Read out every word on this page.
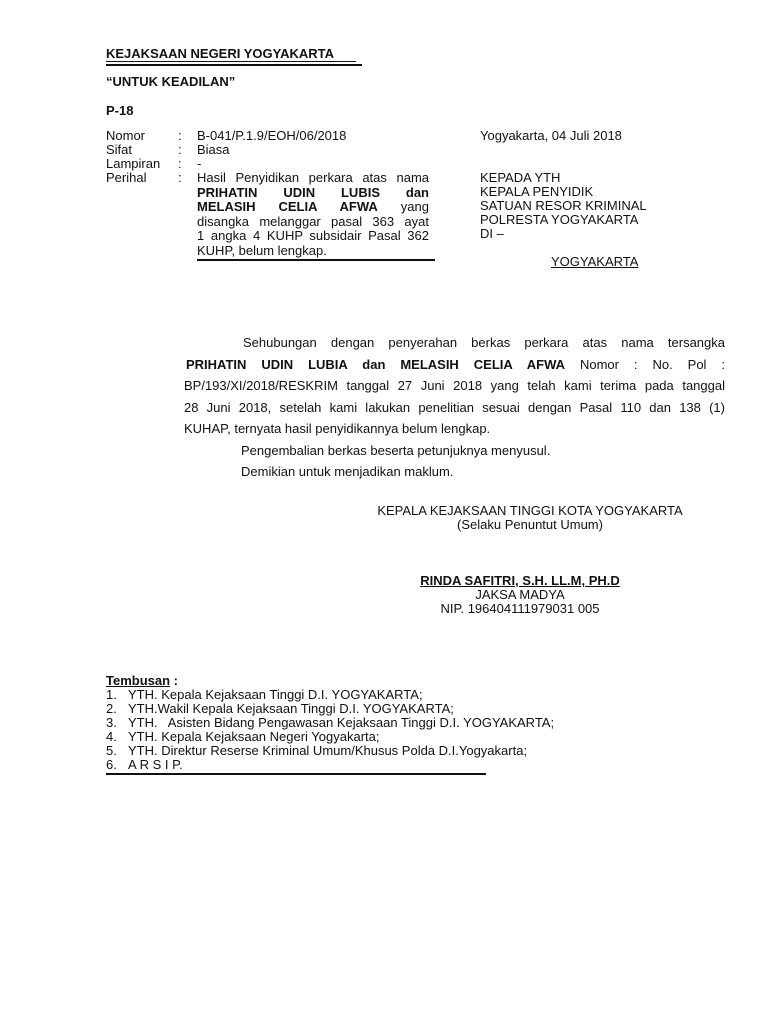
KEJAKSAAN NEGERI YOGYAKARTA
“UNTUK KEADILAN”
P-18
Nomor	: B-041/P.1.9/EOH/06/2018
Sifat	: Biasa
Lampiran	: -
Perihal	: Hasil Penyidikan perkara atas nama
PRIHATIN UDIN LUBIS dan
MELASIH CELIA AFWA yang
disangka melanggar pasal 363 ayat
1 angka 4 KUHP subsidair Pasal 362
KUHP, belum lengkap.
Yogyakarta, 04 Juli 2018
KEPADA YTH
KEPALA PENYIDIK
SATUAN RESOR KRIMINAL
POLRESTA YOGYAKARTA
DI –
YOGYAKARTA
Sehubungan dengan penyerahan berkas perkara atas nama tersangka
PRIHATIN UDIN LUBIA dan MELASIH CELIA AFWA Nomor : No. Pol :
BP/193/XI/2018/RESKRIM tanggal 27 Juni 2018 yang telah kami terima pada tanggal
28 Juni 2018, setelah kami lakukan penelitian sesuai dengan Pasal 110 dan 138 (1)
KUHAP, ternyata hasil penyidikannya belum lengkap.
Pengembalian berkas beserta petunjuknya menyusul.
Demikian untuk menjadikan maklum.
KEPALA KEJAKSAAN TINGGI KOTA YOGYAKARTA
(Selaku Penuntut Umum)
RINDA SAFITRI, S.H. LL.M, PH.D
JAKSA MADYA
NIP. 196404111979031 005
Tembusan :
1. YTH. Kepala Kejaksaan Tinggi D.I. YOGYAKARTA;
2. YTH.Wakil Kepala Kejaksaan Tinggi D.I. YOGYAKARTA;
3. YTH.   Asisten Bidang Pengawasan Kejaksaan Tinggi D.I. YOGYAKARTA;
4. YTH. Kepala Kejaksaan Negeri Yogyakarta;
5. YTH. Direktur Reserse Kriminal Umum/Khusus Polda D.I.Yogyakarta;
6. A R S I P.
